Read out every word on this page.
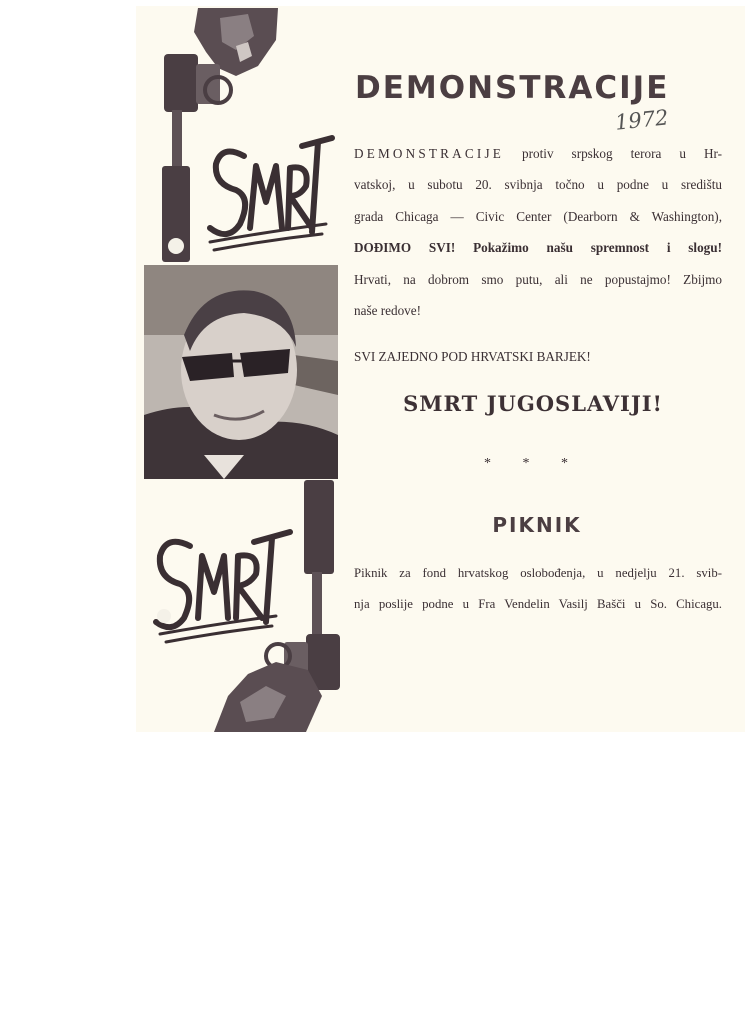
DEMONSTRACIJE
1972
DEMONSTRACIJE protiv srpskog terora u Hr-
vatskoj, u subotu 20. svibnja točno u podne u središtu
grada Chicaga — Civic Center (Dearborn & Washington),
DOĐIMO SVI! Pokažimo našu spremnost i slogu!
Hrvati, na dobrom smo putu, ali ne popustajmo! Zbijmo
naše redove!
SVI ZAJEDNO POD HRVATSKI BARJEK!
SMRT JUGOSLAVIJI!
* * *
PIKNIK
Piknik za fond hrvatskog oslobođenja, u nedjelju 21. svib-
nja poslije podne u Fra Vendelin Vasilj Bašči u So. Chicagu.
